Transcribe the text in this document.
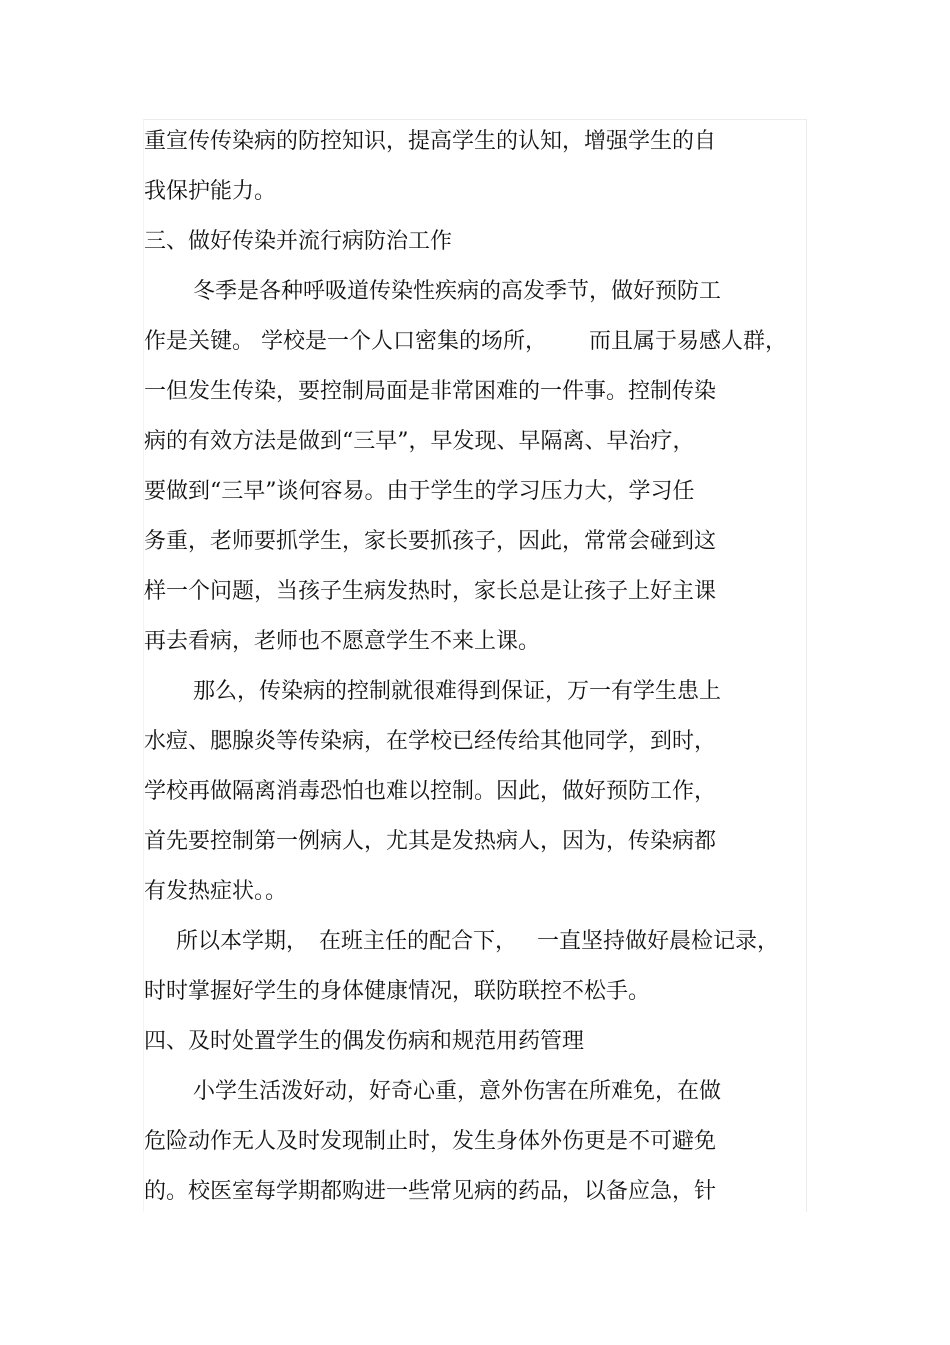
重宣传传染病的防控知识，提高学生的认知，增强学生的自
我保护能力。
三、做好传染并流行病防治工作
冬季是各种呼吸道传染性疾病的高发季节，做好预防工
作是关键。 学校是一个人口密集的场所， 而且属于易感人群，
一但发生传染，要控制局面是非常困难的一件事。控制传染
病的有效方法是做到“三早”，早发现、早隔离、早治疗，
要做到“三早”谈何容易。由于学生的学习压力大，学习任
务重，老师要抓学生，家长要抓孩子，因此，常常会碰到这
样一个问题，当孩子生病发热时，家长总是让孩子上好主课
再去看病，老师也不愿意学生不来上课。
那么，传染病的控制就很难得到保证，万一有学生患上
水痘、腮腺炎等传染病，在学校已经传给其他同学，到时，
学校再做隔离消毒恐怕也难以控制。因此，做好预防工作，
首先要控制第一例病人，尤其是发热病人，因为，传染病都
有发热症状。。
所以本学期， 在班主任的配合下， 一直坚持做好晨检记录，
时时掌握好学生的身体健康情况，联防联控不松手。
四、及时处置学生的偶发伤病和规范用药管理
小学生活泼好动，好奇心重，意外伤害在所难免，在做
危险动作无人及时发现制止时，发生身体外伤更是不可避免
的。校医室每学期都购进一些常见病的药品，以备应急，针
